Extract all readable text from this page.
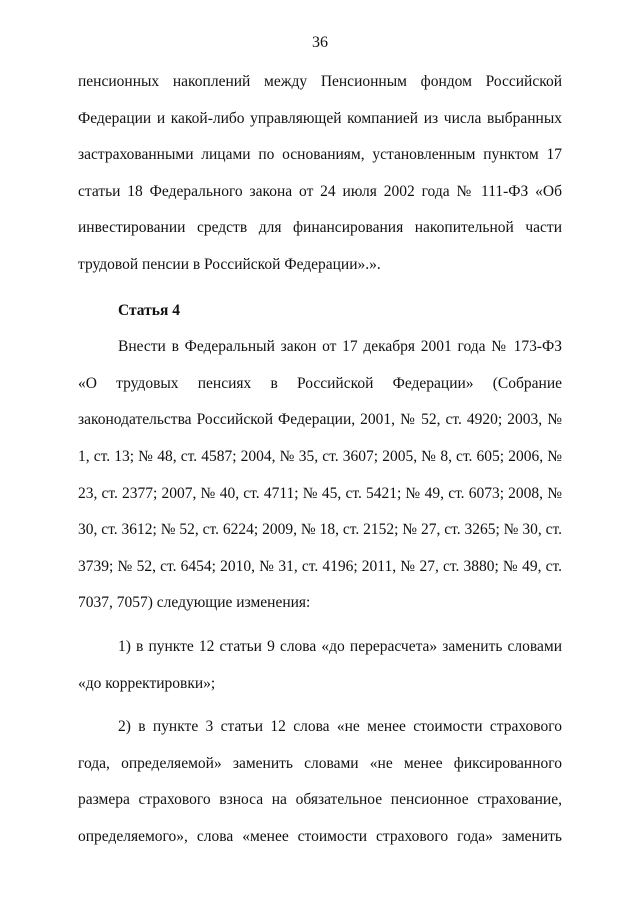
36

пенсионных накоплений между Пенсионным фондом Российской Федерации и какой-либо управляющей компанией из числа выбранных застрахованными лицами по основаниям, установленным пунктом 17 статьи 18 Федерального закона от 24 июля 2002 года № 111-ФЗ «Об инвестировании средств для финансирования накопительной части трудовой пенсии в Российской Федерации».».

Статья 4

Внести в Федеральный закон от 17 декабря 2001 года № 173-ФЗ «О трудовых пенсиях в Российской Федерации» (Собрание законодательства Российской Федерации, 2001, № 52, ст. 4920; 2003, № 1, ст. 13; № 48, ст. 4587; 2004, № 35, ст. 3607; 2005, № 8, ст. 605; 2006, № 23, ст. 2377; 2007, № 40, ст. 4711; № 45, ст. 5421; № 49, ст. 6073; 2008, № 30, ст. 3612; № 52, ст. 6224; 2009, № 18, ст. 2152; № 27, ст. 3265; № 30, ст. 3739; № 52, ст. 6454; 2010, № 31, ст. 4196; 2011, № 27, ст. 3880; № 49, ст. 7037, 7057) следующие изменения:

1) в пункте 12 статьи 9 слова «до перерасчета» заменить словами «до корректировки»;

2) в пункте 3 статьи 12 слова «не менее стоимости страхового года, определяемой» заменить словами «не менее фиксированного размера страхового взноса на обязательное пенсионное страхование, определяемого», слова «менее стоимости страхового года» заменить
